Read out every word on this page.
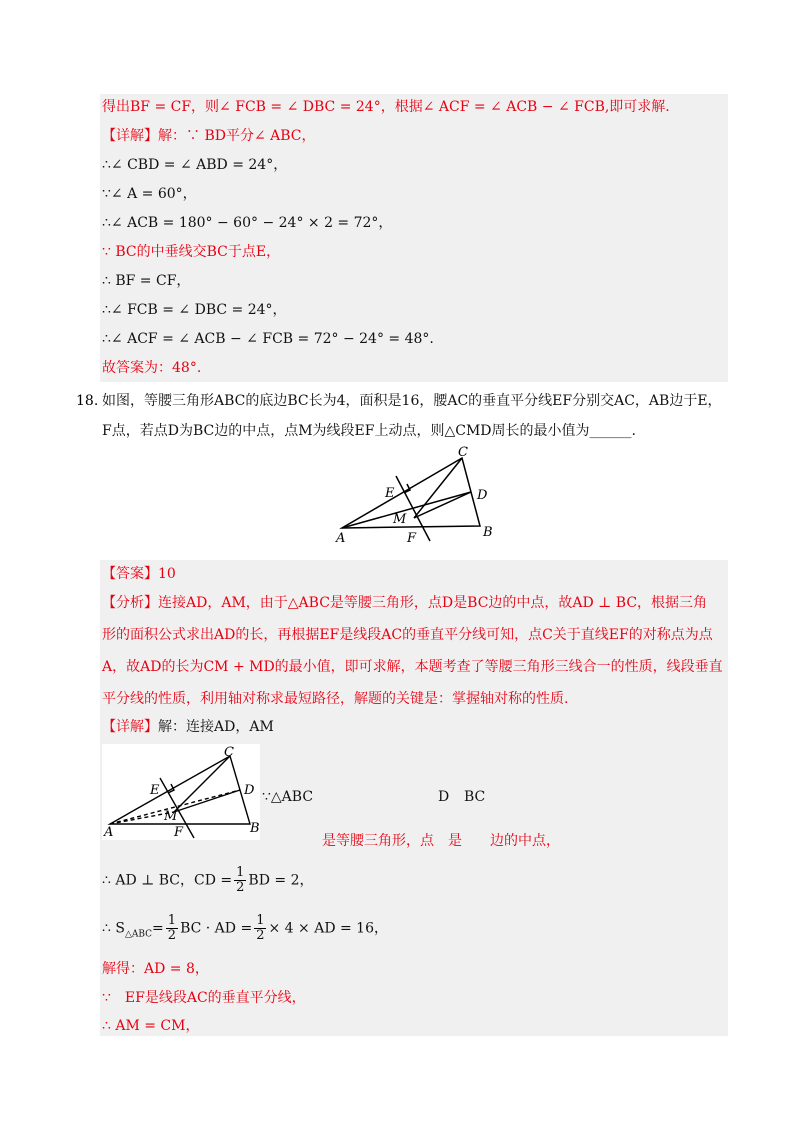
得出BF = CF，则∠ FCB = ∠ DBC = 24°，根据∠ ACF = ∠ ACB − ∠ FCB,即可求解.
【详解】解：∵ BD平分∠ ABC，
∴∠ CBD = ∠ ABD = 24°，
∵∠ A = 60°，
∴∠ ACB = 180° − 60° − 24° × 2 = 72°，
∵ BC的中垂线交BC于点E，
∴ BF = CF，
∴∠ FCB = ∠ DBC = 24°，
∴∠ ACF = ∠ ACB − ∠ FCB = 72° − 24° = 48°.
故答案为：48°.
18. 如图，等腰三角形ABC的底边BC长为4，面积是16，腰AC的垂直平分线EF分别交AC，AB边于E，
F点，若点D为BC边的中点，点M为线段EF上动点，则△CMD周长的最小值为______.
C
E	D
M
A	F	B
【答案】10
【分析】连接AD，AM，由于△ABC是等腰三角形，点D是BC边的中点，故AD ⊥ BC，根据三角
形的面积公式求出AD的长，再根据EF是线段AC的垂直平分线可知，点C关于直线EF的对称点为点
A，故AD的长为CM + MD的最小值，即可求解，本题考查了等腰三角形三线合一的性质，线段垂直
平分线的性质，利用轴对称求最短路径，解题的关键是：掌握轴对称的性质.
【详解】解：连接AD，AM
C
E	D
M
A	F	B
∵△ABC	D BC
是等腰三角形，点　是　　边的中点，
∴ AD ⊥ BC，CD = $\frac{1}{2}$ BD = 2，
∴ $S_{\triangle ABC}= \frac{1}{2}$ BC · AD = $\frac{1}{2} \times 4$ × AD = 16，
解得：AD = 8，
∵　EF是线段AC的垂直平分线，
∴ AM = CM，
